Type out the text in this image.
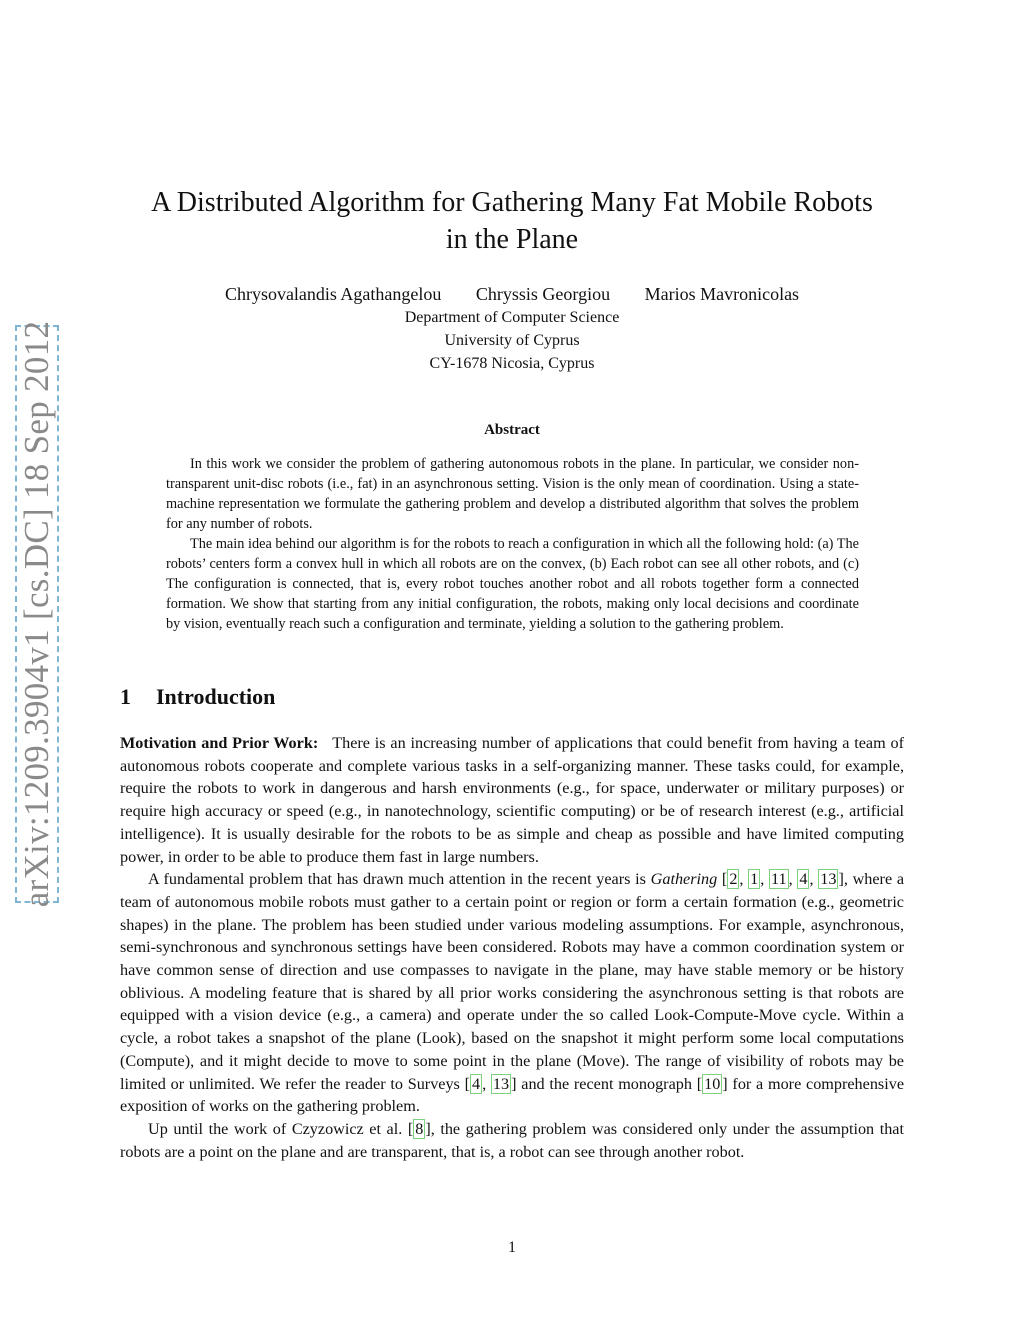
arXiv:1209.3904v1 [cs.DC] 18 Sep 2012
A Distributed Algorithm for Gathering Many Fat Mobile Robots
in the Plane
Chrysovalandis Agathangelou Chryssis Georgiou Marios Mavronicolas
Department of Computer Science
University of Cyprus
CY-1678 Nicosia, Cyprus
Abstract

In this work we consider the problem of gathering autonomous robots in the plane. In particular, we consider non-transparent unit-disc robots (i.e., fat) in an asynchronous setting. Vision is the only mean of coordination. Using a state-machine representation we formulate the gathering problem and develop a distributed algorithm that solves the problem for any number of robots.

The main idea behind our algorithm is for the robots to reach a configuration in which all the following hold: (a) The robots’ centers form a convex hull in which all robots are on the convex, (b) Each robot can see all other robots, and (c) The configuration is connected, that is, every robot touches another robot and all robots together form a connected formation. We show that starting from any initial configuration, the robots, making only local decisions and coordinate by vision, eventually reach such a configuration and terminate, yielding a solution to the gathering problem.

1 Introduction

Motivation and Prior Work: There is an increasing number of applications that could benefit from having a team of autonomous robots cooperate and complete various tasks in a self-organizing manner. These tasks could, for example, require the robots to work in dangerous and harsh environments (e.g., for space, underwater or military purposes) or require high accuracy or speed (e.g., in nanotechnology, scientific computing) or be of research interest (e.g., artificial intelligence). It is usually desirable for the robots to be as simple and cheap as possible and have limited computing power, in order to be able to produce them fast in large numbers.

A fundamental problem that has drawn much attention in the recent years is Gathering [ 2 , 1 , 11 , 4 , 13 ], where a team of autonomous mobile robots must gather to a certain point or region or form a certain formation (e.g., geometric shapes) in the plane. The problem has been studied under various modeling assumptions. For example, asynchronous, semi-synchronous and synchronous settings have been considered. Robots may have a common coordination system or have common sense of direction and use compasses to navigate in the plane, may have stable memory or be history oblivious. A modeling feature that is shared by all prior works considering the asynchronous setting is that robots are equipped with a vision device (e.g., a camera) and operate under the so called Look-Compute-Move cycle. Within a cycle, a robot takes a snapshot of the plane (Look), based on the snapshot it might perform some local computations (Compute), and it might decide to move to some point in the plane (Move). The range of visibility of robots may be limited or unlimited. We refer the reader to Surveys [ 4 , 13 ] and the recent monograph [ 10 ] for a more comprehensive exposition of works on the gathering problem.

Up until the work of Czyzowicz et al. [ 8 ], the gathering problem was considered only under the assumption that robots are a point on the plane and are transparent, that is, a robot can see through another robot.

1
